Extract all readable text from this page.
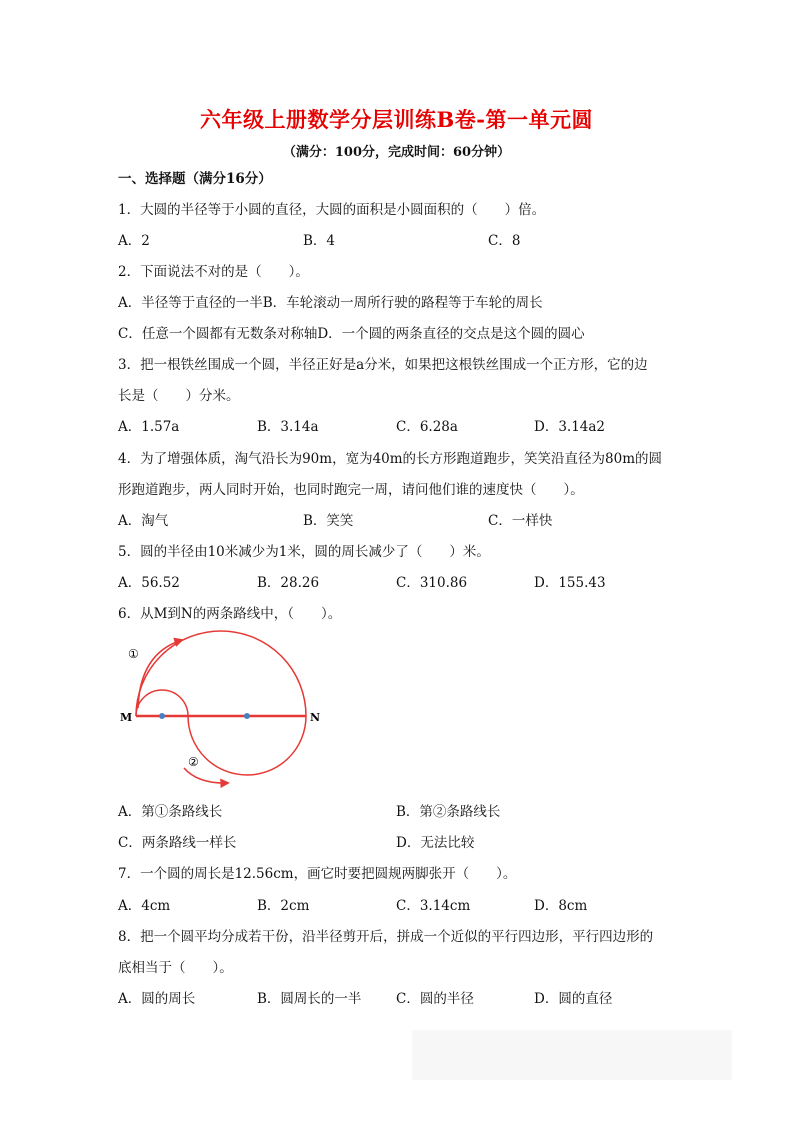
六年级上册数学分层训练B卷-第一单元圆
（满分：100分，完成时间：60分钟）
一、选择题（满分16分）
1．大圆的半径等于小圆的直径，大圆的面积是小圆面积的（　　）倍。
A．2	B．4	C．8
2．下面说法不对的是（　　）。
A．半径等于直径的一半B．车轮滚动一周所行驶的路程等于车轮的周长
C．任意一个圆都有无数条对称轴D．一个圆的两条直径的交点是这个圆的圆心
3．把一根铁丝围成一个圆，半径正好是a分米，如果把这根铁丝围成一个正方形，它的边
长是（　　）分米。
A．1.57a	B．3.14a	C．6.28a	D．3.14a2
4．为了增强体质，淘气沿长为90m，宽为40m的长方形跑道跑步，笑笑沿直径为80m的圆
形跑道跑步，两人同时开始，也同时跑完一周，请问他们谁的速度快（　　）。
A．淘气	B．笑笑	C．一样快
5．圆的半径由10米减少为1米，圆的周长减少了（　　）米。
A．56.52	B．28.26	C．310.86	D．155.43
6．从M到N的两条路线中，（　　）。
M	N
①
②
A．第①条路线长	B．第②条路线长
C．两条路线一样长	D．无法比较
7．一个圆的周长是12.56cm，画它时要把圆规两脚张开（　　）。
A．4cm	B．2cm	C．3.14cm	D．8cm
8．把一个圆平均分成若干份，沿半径剪开后，拼成一个近似的平行四边形，平行四边形的
底相当于（　　）。
A．圆的周长	B．圆周长的一半	C．圆的半径	D．圆的直径
